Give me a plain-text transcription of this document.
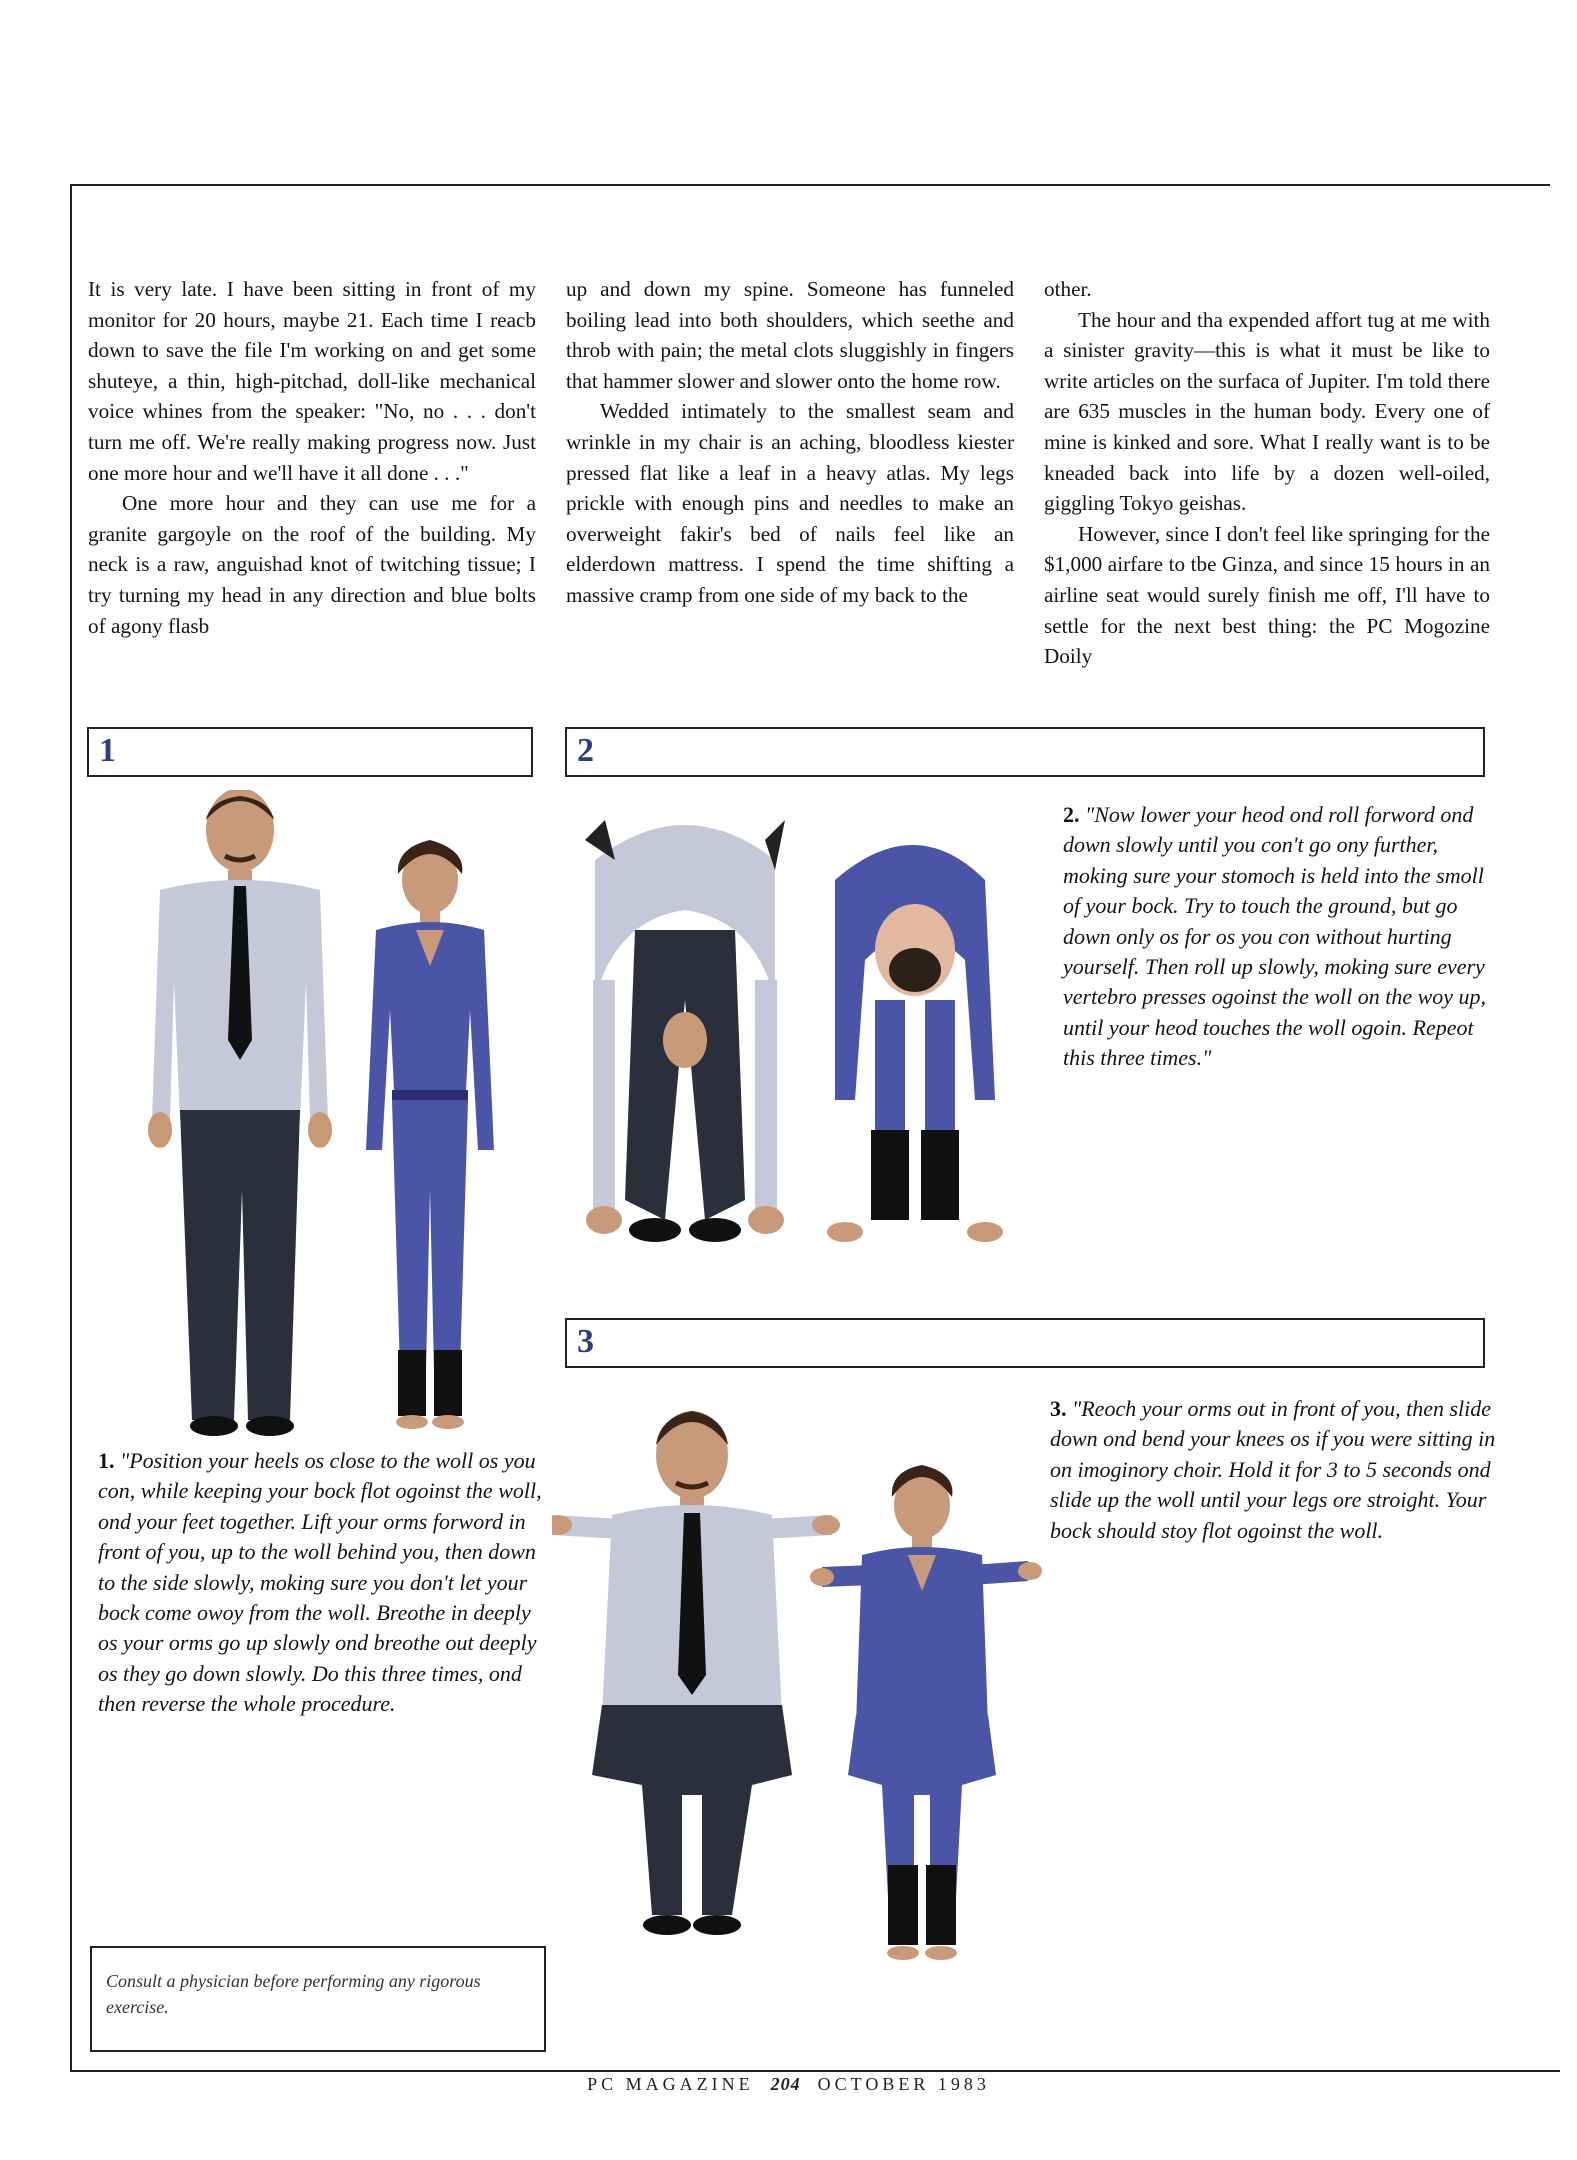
It is very late. I have been sitting in front of my monitor for 20 hours, maybe 21. Each time I reacb down to save the file I'm working on and get some shuteye, a thin, high-pitchad, doll-like mechanical voice whines from the speaker: "No, no . . . don't turn me off. We're really making progress now. Just one more hour and we'll have it all done . . ."

One more hour and they can use me for a granite gargoyle on the roof of the building. My neck is a raw, anguishad knot of twitching tissue; I try turning my head in any direction and blue bolts of agony flasb

up and down my spine. Someone has funneled boiling lead into both shoulders, which seethe and throb with pain; the metal clots sluggishly in fingers that hammer slower and slower onto the home row.

Wedded intimately to the smallest seam and wrinkle in my chair is an aching, bloodless kiester pressed flat like a leaf in a heavy atlas. My legs prickle with enough pins and needles to make an overweight fakir's bed of nails feel like an elderdown mattress. I spend the time shifting a massive cramp from one side of my back to the

other.

The hour and tha expended affort tug at me with a sinister gravity—this is what it must be like to write articles on the surfaca of Jupiter. I'm told there are 635 muscles in the human body. Every one of mine is kinked and sore. What I really want is to be kneaded back into life by a dozen well-oiled, giggling Tokyo geishas.

However, since I don't feel like springing for the $1,000 airfare to tbe Ginza, and since 15 hours in an airline seat would surely finish me off, I'll have to settle for the next best thing: the PC Mogozine Doily

1	2
3
1. "Position your heels os close to the woll os you con, while keeping your bock flot ogoinst the woll, ond your feet together. Lift your orms forword in front of you, up to the woll behind you, then down to the side slowly, moking sure you don't let your bock come owoy from the woll. Breothe in deeply os your orms go up slowly ond breothe out deeply os they go down slowly. Do this three times, ond then reverse the whole procedure.
2. "Now lower your heod ond roll forword ond down slowly until you con't go ony further, moking sure your stomoch is held into the smoll of your bock. Try to touch the ground, but go down only os for os you con without hurting yourself. Then roll up slowly, moking sure every vertebro presses ogoinst the woll on the woy up, until your heod touches the woll ogoin. Repeot this three times."
3. "Reoch your orms out in front of you, then slide down ond bend your knees os if you were sitting in on imoginory choir. Hold it for 3 to 5 seconds ond slide up the woll until your legs ore stroight. Your bock should stoy flot ogoinst the woll.
Consult a physician before performing any rigorous exercise.
PC MAGAZINE 204 OCTOBER 1983
